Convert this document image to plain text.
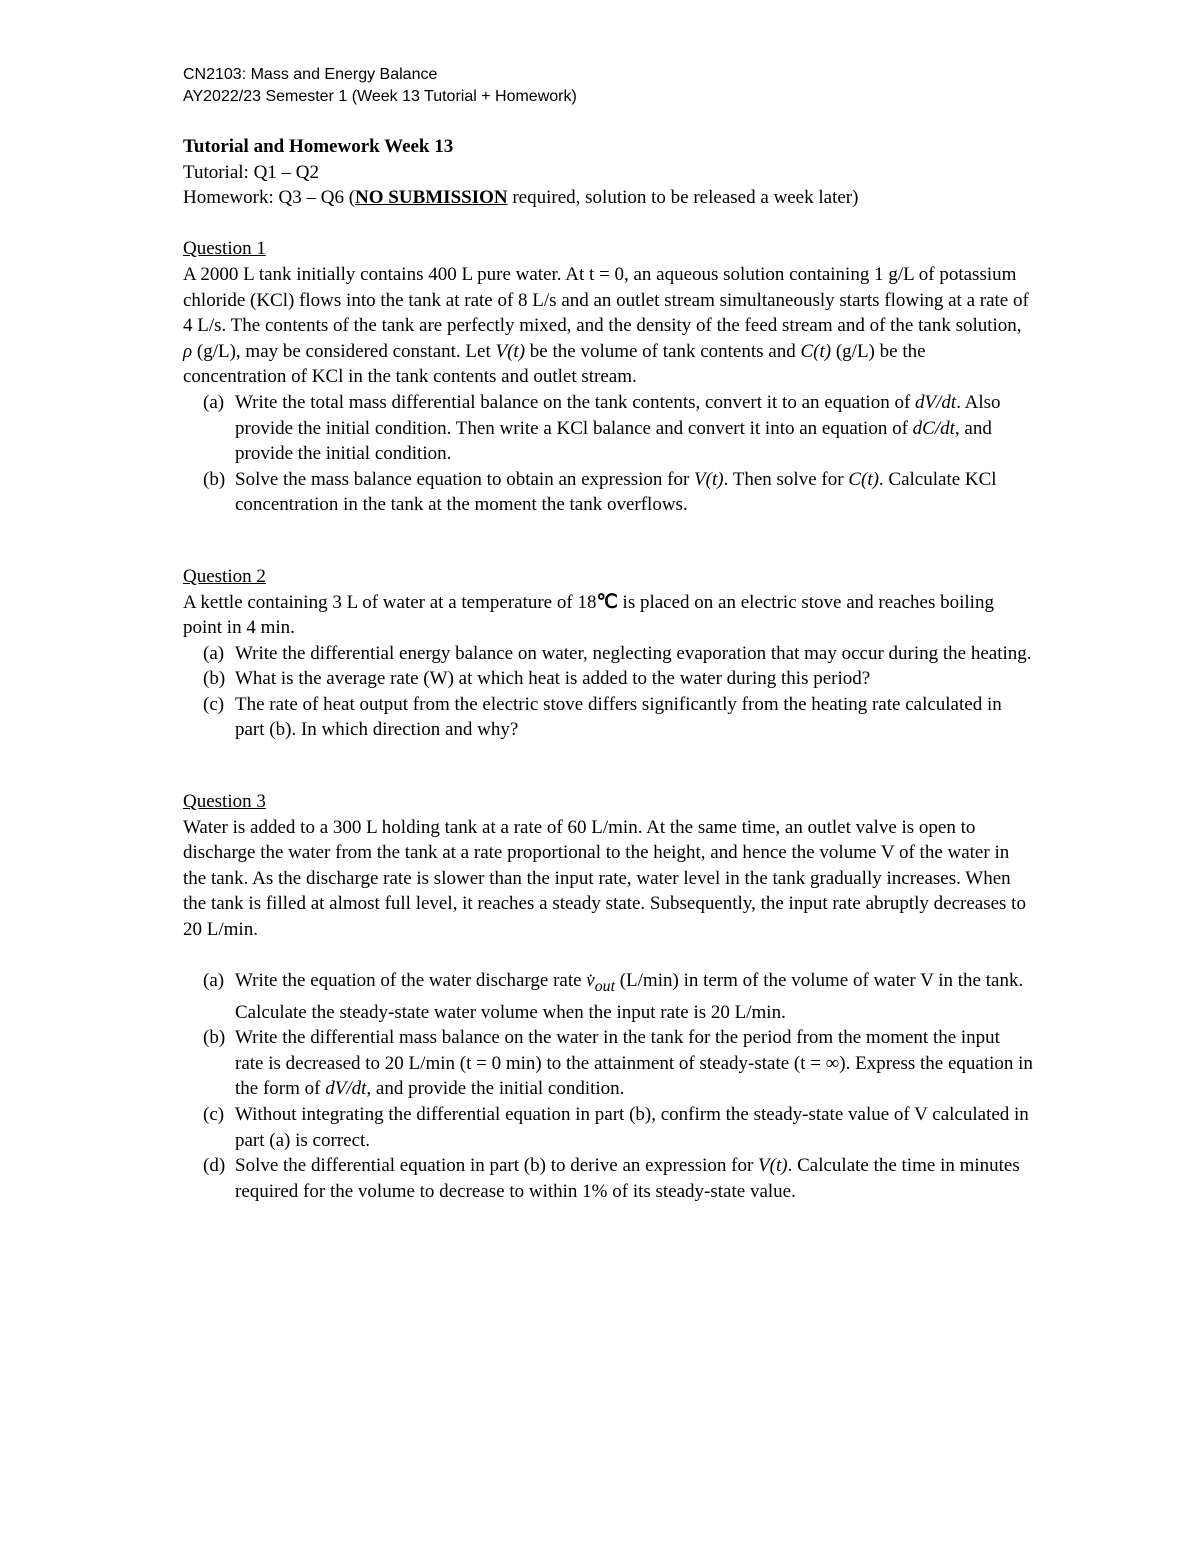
CN2103: Mass and Energy Balance
AY2022/23 Semester 1 (Week 13 Tutorial + Homework)

Tutorial and Homework Week 13

Tutorial: Q1 – Q2

Homework: Q3 – Q6 (NO SUBMISSION required, solution to be released a week later)

Question 1

A 2000 L tank initially contains 400 L pure water. At t = 0, an aqueous solution containing 1 g/L of potassium chloride (KCl) flows into the tank at rate of 8 L/s and an outlet stream simultaneously starts flowing at a rate of 4 L/s. The contents of the tank are perfectly mixed, and the density of the feed stream and of the tank solution, ρ (g/L), may be considered constant. Let V(t) be the volume of tank contents and C(t) (g/L) be the concentration of KCl in the tank contents and outlet stream.

(a) Write the total mass differential balance on the tank contents, convert it to an equation of dV/dt. Also provide the initial condition. Then write a KCl balance and convert it into an equation of dC/dt, and provide the initial condition.
(b) Solve the mass balance equation to obtain an expression for V(t). Then solve for C(t). Calculate KCl concentration in the tank at the moment the tank overflows.

Question 2

A kettle containing 3 L of water at a temperature of 18℃ is placed on an electric stove and reaches boiling point in 4 min.

(a) Write the differential energy balance on water, neglecting evaporation that may occur during the heating.
(b) What is the average rate (W) at which heat is added to the water during this period?
(c) The rate of heat output from the electric stove differs significantly from the heating rate calculated in part (b). In which direction and why?

Question 3

Water is added to a 300 L holding tank at a rate of 60 L/min. At the same time, an outlet valve is open to discharge the water from the tank at a rate proportional to the height, and hence the volume V of the water in the tank. As the discharge rate is slower than the input rate, water level in the tank gradually increases. When the tank is filled at almost full level, it reaches a steady state. Subsequently, the input rate abruptly decreases to 20 L/min.

(a) Write the equation of the water discharge rate $v̇_{out}$ (L/min) in term of the volume of water V in the tank. Calculate the steady-state water volume when the input rate is 20 L/min.
(b) Write the differential mass balance on the water in the tank for the period from the moment the input rate is decreased to 20 L/min (t = 0 min) to the attainment of steady-state (t = ∞). Express the equation in the form of dV/dt, and provide the initial condition.
(c) Without integrating the differential equation in part (b), confirm the steady-state value of V calculated in part (a) is correct.
(d) Solve the differential equation in part (b) to derive an expression for V(t). Calculate the time in minutes required for the volume to decrease to within 1% of its steady-state value.
